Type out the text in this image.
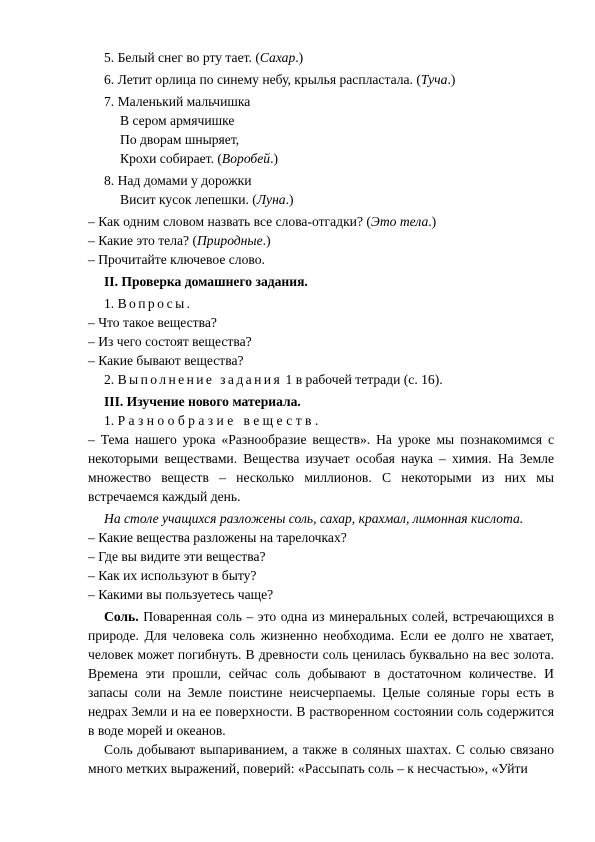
5. Белый снег во рту тает. (Сахар.)
6. Летит орлица по синему небу, крылья распластала. (Туча.)
7. Маленький мальчишка
В сером армячишке
По дворам шныряет,
Крохи собирает. (Воробей.)
8. Над домами у дорожки
Висит кусок лепешки. (Луна.)
– Как одним словом назвать все слова-отгадки? (Это тела.)
– Какие это тела? (Природные.)
– Прочитайте ключевое слово.
II. Проверка домашнего задания.
1. Вопросы.
– Что такое вещества?
– Из чего состоят вещества?
– Какие бывают вещества?
2. Выполнение задания 1 в рабочей тетради (с. 16).
III. Изучение нового материала.
1. Разнообразие веществ.
– Тема нашего урока «Разнообразие веществ». На уроке мы познакомимся с некоторыми веществами. Вещества изучает особая наука – химия. На Земле множество веществ – несколько миллионов. С некоторыми из них мы встречаемся каждый день.
На столе учащихся разложены соль, сахар, крахмал, лимонная кислота.
– Какие вещества разложены на тарелочках?
– Где вы видите эти вещества?
– Как их используют в быту?
– Какими вы пользуетесь чаще?
Соль. Поваренная соль – это одна из минеральных солей, встречающихся в природе. Для человека соль жизненно необходима. Если ее долго не хватает, человек может погибнуть. В древности соль ценилась буквально на вес золота. Времена эти прошли, сейчас соль добывают в достаточном количестве. И запасы соли на Земле поистине неисчерпаемы. Целые соляные горы есть в недрах Земли и на ее поверхности. В растворенном состоянии соль содержится в воде морей и океанов.
Соль добывают выпариванием, а также в соляных шахтах. С солью связано много метких выражений, поверий: «Рассыпать соль – к несчастью», «Уйти
